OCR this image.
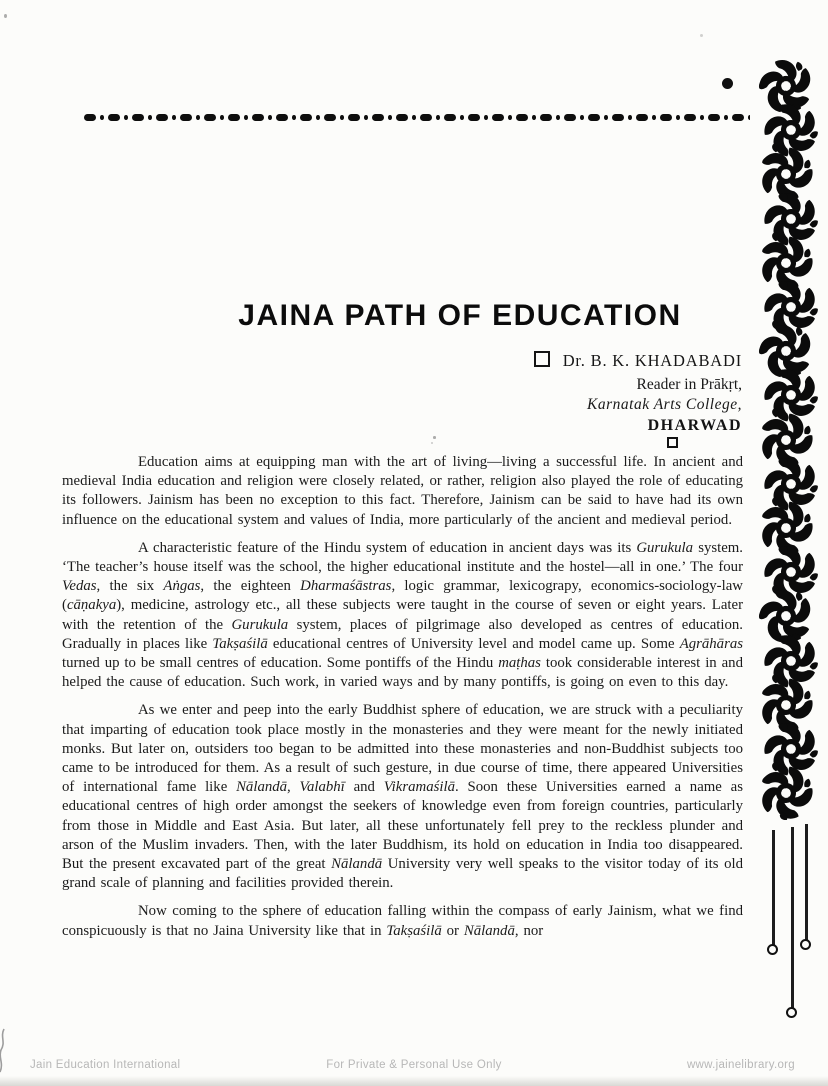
JAINA PATH OF EDUCATION
Dr. B. K. KHADABADI
Reader in Prākṛt,
Karnatak Arts College,
DHARWAD

Education aims at equipping man with the art of living—living a successful life. In ancient and medieval India education and religion were closely related, or rather, religion also played the role of educating its followers. Jainism has been no exception to this fact. Therefore, Jainism can be said to have had its own influence on the educational system and values of India, more particularly of the ancient and medieval period.

A characteristic feature of the Hindu system of education in ancient days was its Gurukula system. ‘The teacher’s house itself was the school, the higher educational institute and the hostel—all in one.’ The four Vedas, the six Aṅgas, the eighteen Dharmaśāstras, logic grammar, lexicograpy, economics-sociology-law (cāṇakya), medicine, astrology etc., all these subjects were taught in the course of seven or eight years. Later with the retention of the Gurukula system, places of pilgrimage also developed as centres of education. Gradually in places like Takṣaśilā educational centres of University level and model came up. Some Agrāhāras turned up to be small centres of education. Some pontiffs of the Hindu maṭhas took considerable interest in and helped the cause of education. Such work, in varied ways and by many pontiffs, is going on even to this day.

As we enter and peep into the early Buddhist sphere of education, we are struck with a peculiarity that imparting of education took place mostly in the monasteries and they were meant for the newly initiated monks. But later on, outsiders too began to be admitted into these monasteries and non-Buddhist subjects too came to be introduced for them. As a result of such gesture, in due course of time, there appeared Universities of international fame like Nālandā, Valabhī and Vikramaśilā. Soon these Universities earned a name as educational centres of high order amongst the seekers of knowledge even from foreign countries, particularly from those in Middle and East Asia. But later, all these unfortunately fell prey to the reckless plunder and arson of the Muslim invaders. Then, with the later Buddhism, its hold on education in India too disappeared. But the present excavated part of the great Nālandā University very well speaks to the visitor today of its old grand scale of planning and facilities provided therein.

Now coming to the sphere of education falling within the compass of early Jainism, what we find conspicuously is that no Jaina University like that in Takṣaśilā or Nālandā, nor

Jain Education International	For Private & Personal Use Only	www.jainelibrary.org
